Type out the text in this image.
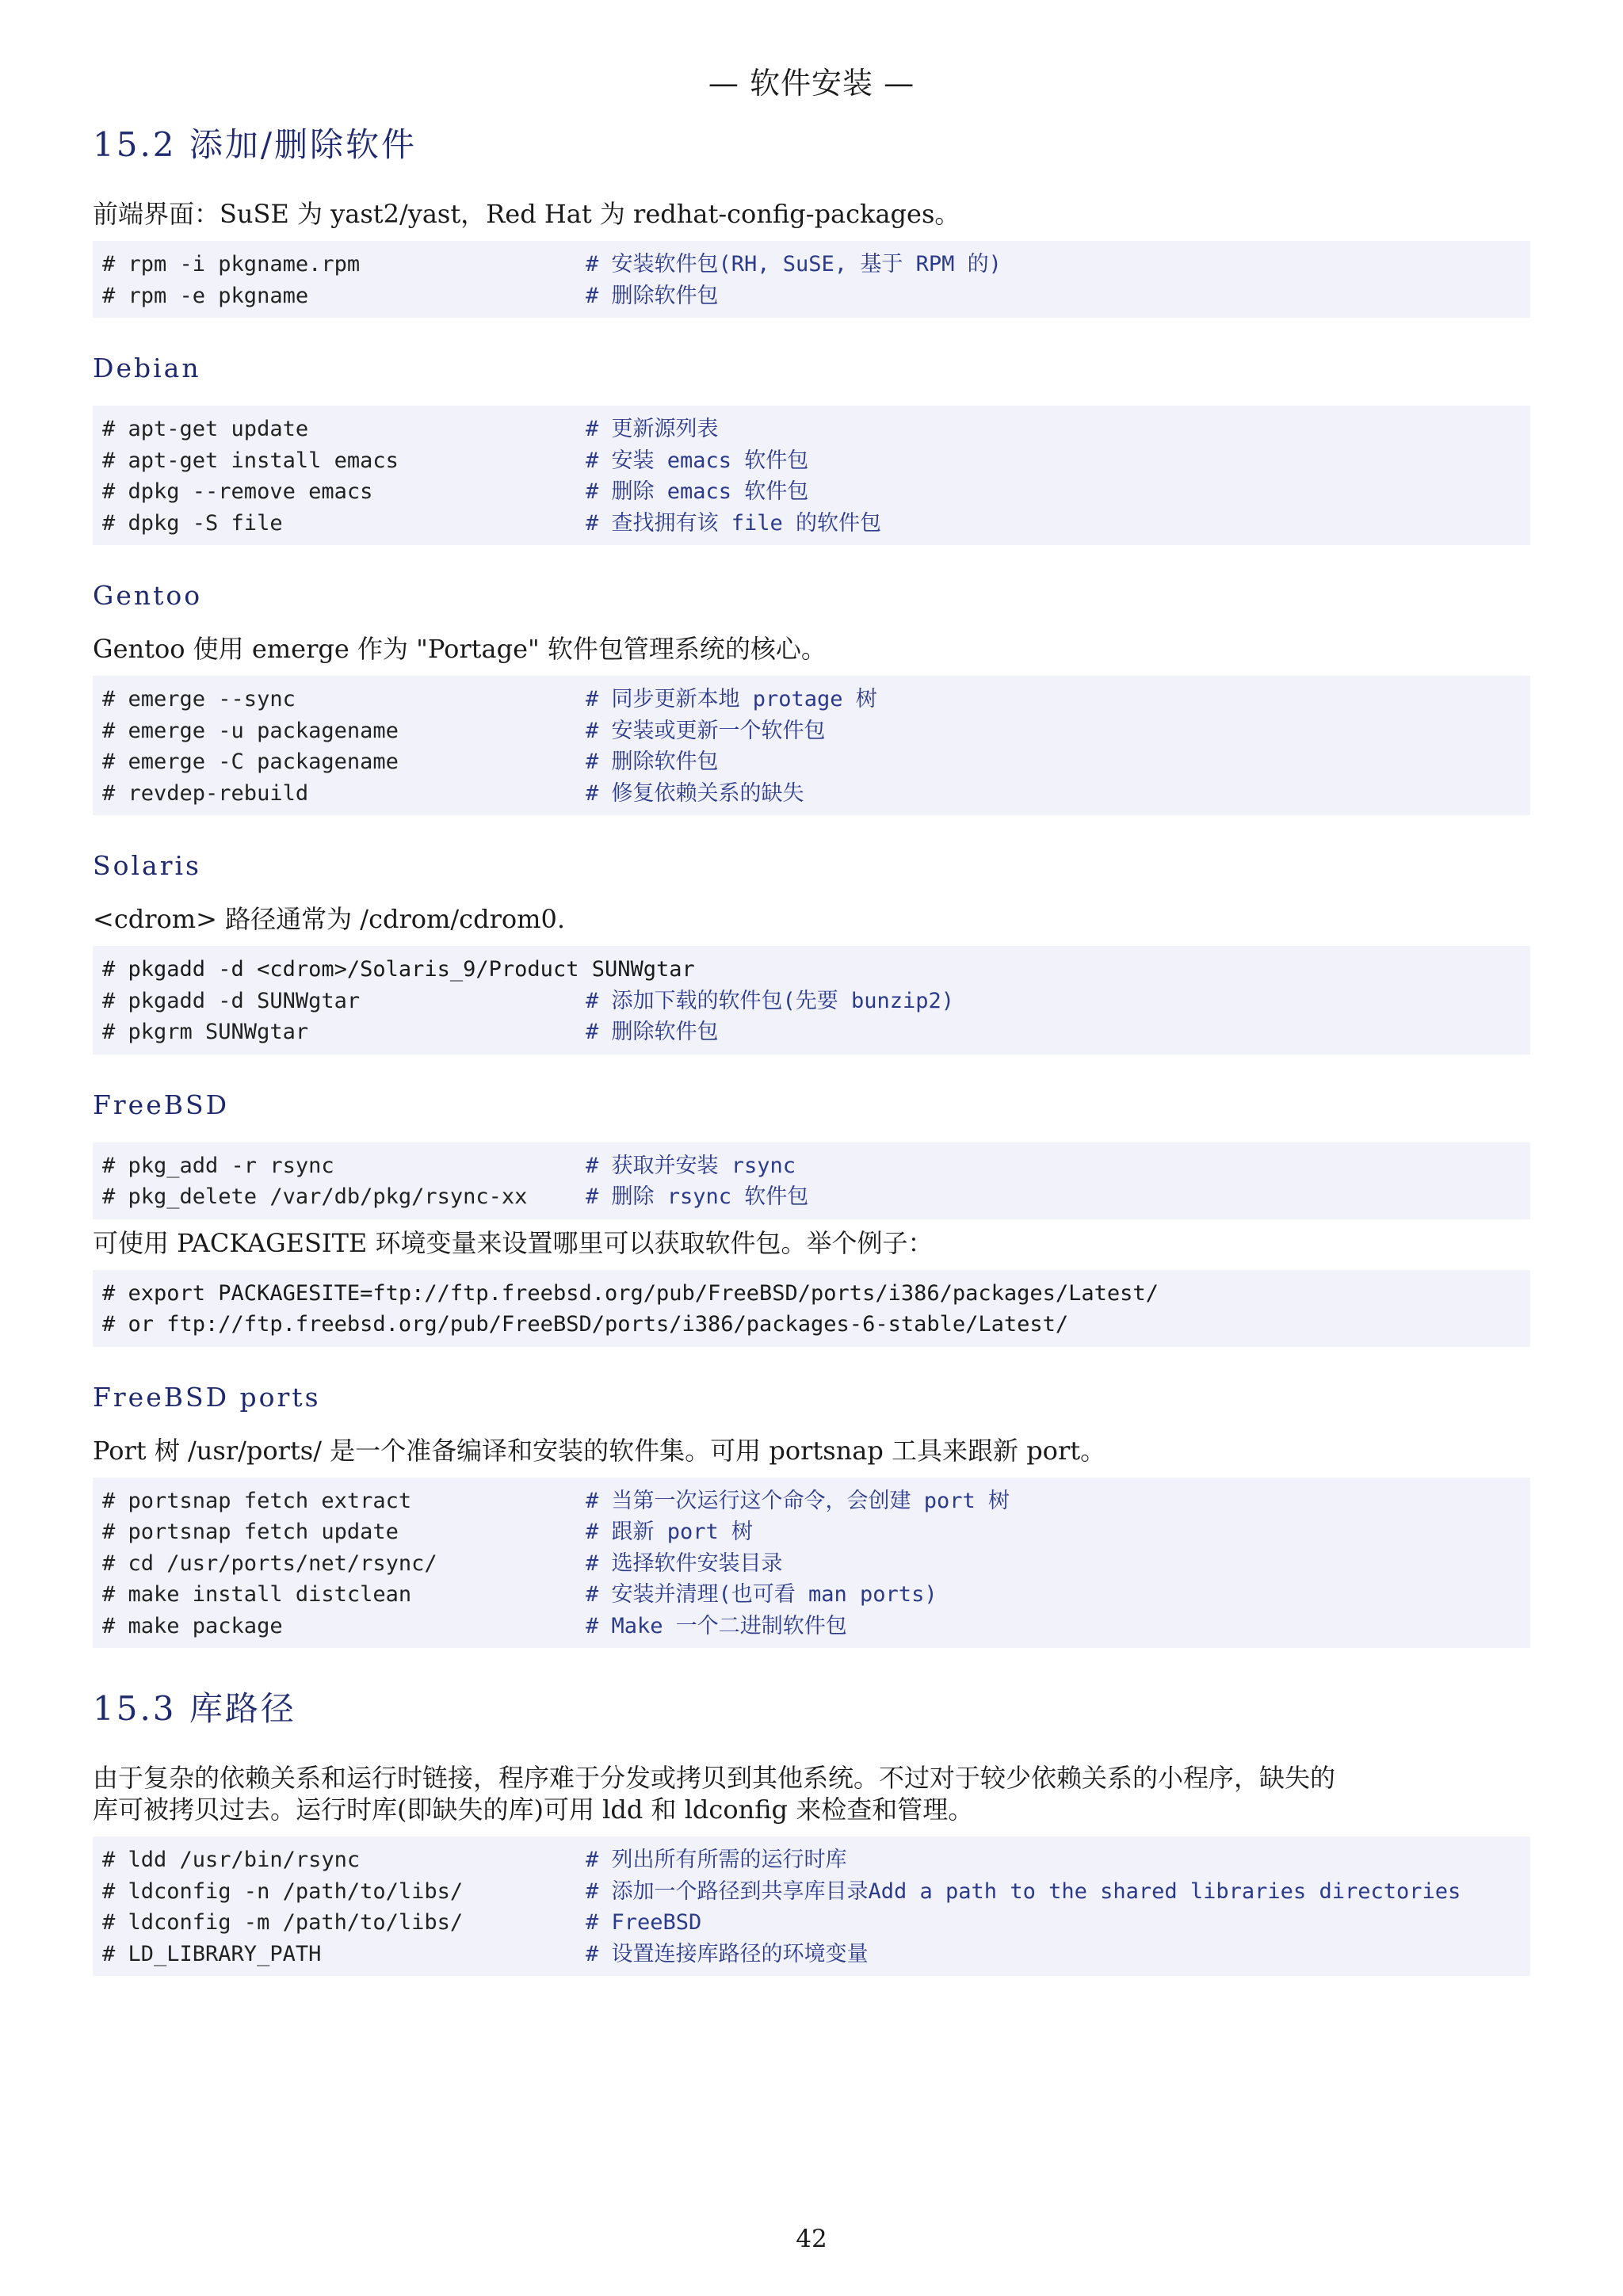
— 软件安装 —
15.2 添加/删除软件

前端界面：SuSE 为 yast2/yast，Red Hat 为 redhat-config-packages。

# rpm -i pkgname.rpm	# 安装软件包(RH, SuSE, 基于 RPM 的)
# rpm -e pkgname	# 删除软件包
Debian
# apt-get update	# 更新源列表
# apt-get install emacs	# 安装 emacs 软件包
# dpkg --remove emacs	# 删除 emacs 软件包
# dpkg -S file	# 查找拥有该 file 的软件包
Gentoo

Gentoo 使用 emerge 作为 "Portage" 软件包管理系统的核心。

# emerge --sync	# 同步更新本地 protage 树
# emerge -u packagename	# 安装或更新一个软件包
# emerge -C packagename	# 删除软件包
# revdep-rebuild	# 修复依赖关系的缺失
Solaris

<cdrom> 路径通常为 /cdrom/cdrom0.

# pkgadd -d <cdrom>/Solaris_9/Product SUNWgtar
# pkgadd -d SUNWgtar	# 添加下载的软件包(先要 bunzip2)
# pkgrm SUNWgtar	# 删除软件包
FreeBSD
# pkg_add -r rsync	# 获取并安装 rsync
# pkg_delete /var/db/pkg/rsync-xx	# 删除 rsync 软件包

可使用 PACKAGESITE 环境变量来设置哪里可以获取软件包。举个例子：

# export PACKAGESITE=ftp://ftp.freebsd.org/pub/FreeBSD/ports/i386/packages/Latest/
# or ftp://ftp.freebsd.org/pub/FreeBSD/ports/i386/packages-6-stable/Latest/
FreeBSD ports

Port 树 /usr/ports/ 是一个准备编译和安装的软件集。可用 portsnap 工具来跟新 port。

# portsnap fetch extract	# 当第一次运行这个命令，会创建 port 树
# portsnap fetch update	# 跟新 port 树
# cd /usr/ports/net/rsync/	# 选择软件安装目录
# make install distclean	# 安装并清理(也可看 man ports)
# make package	# Make 一个二进制软件包
15.3 库路径

由于复杂的依赖关系和运行时链接，程序难于分发或拷贝到其他系统。不过对于较少依赖关系的小程序，缺失的

库可被拷贝过去。运行时库(即缺失的库)可用 ldd 和 ldconfig 来检查和管理。

# ldd /usr/bin/rsync	# 列出所有所需的运行时库
# ldconfig -n /path/to/libs/	# 添加一个路径到共享库目录Add a path to the shared libraries directories
# ldconfig -m /path/to/libs/	# FreeBSD
# LD_LIBRARY_PATH	# 设置连接库路径的环境变量
42
